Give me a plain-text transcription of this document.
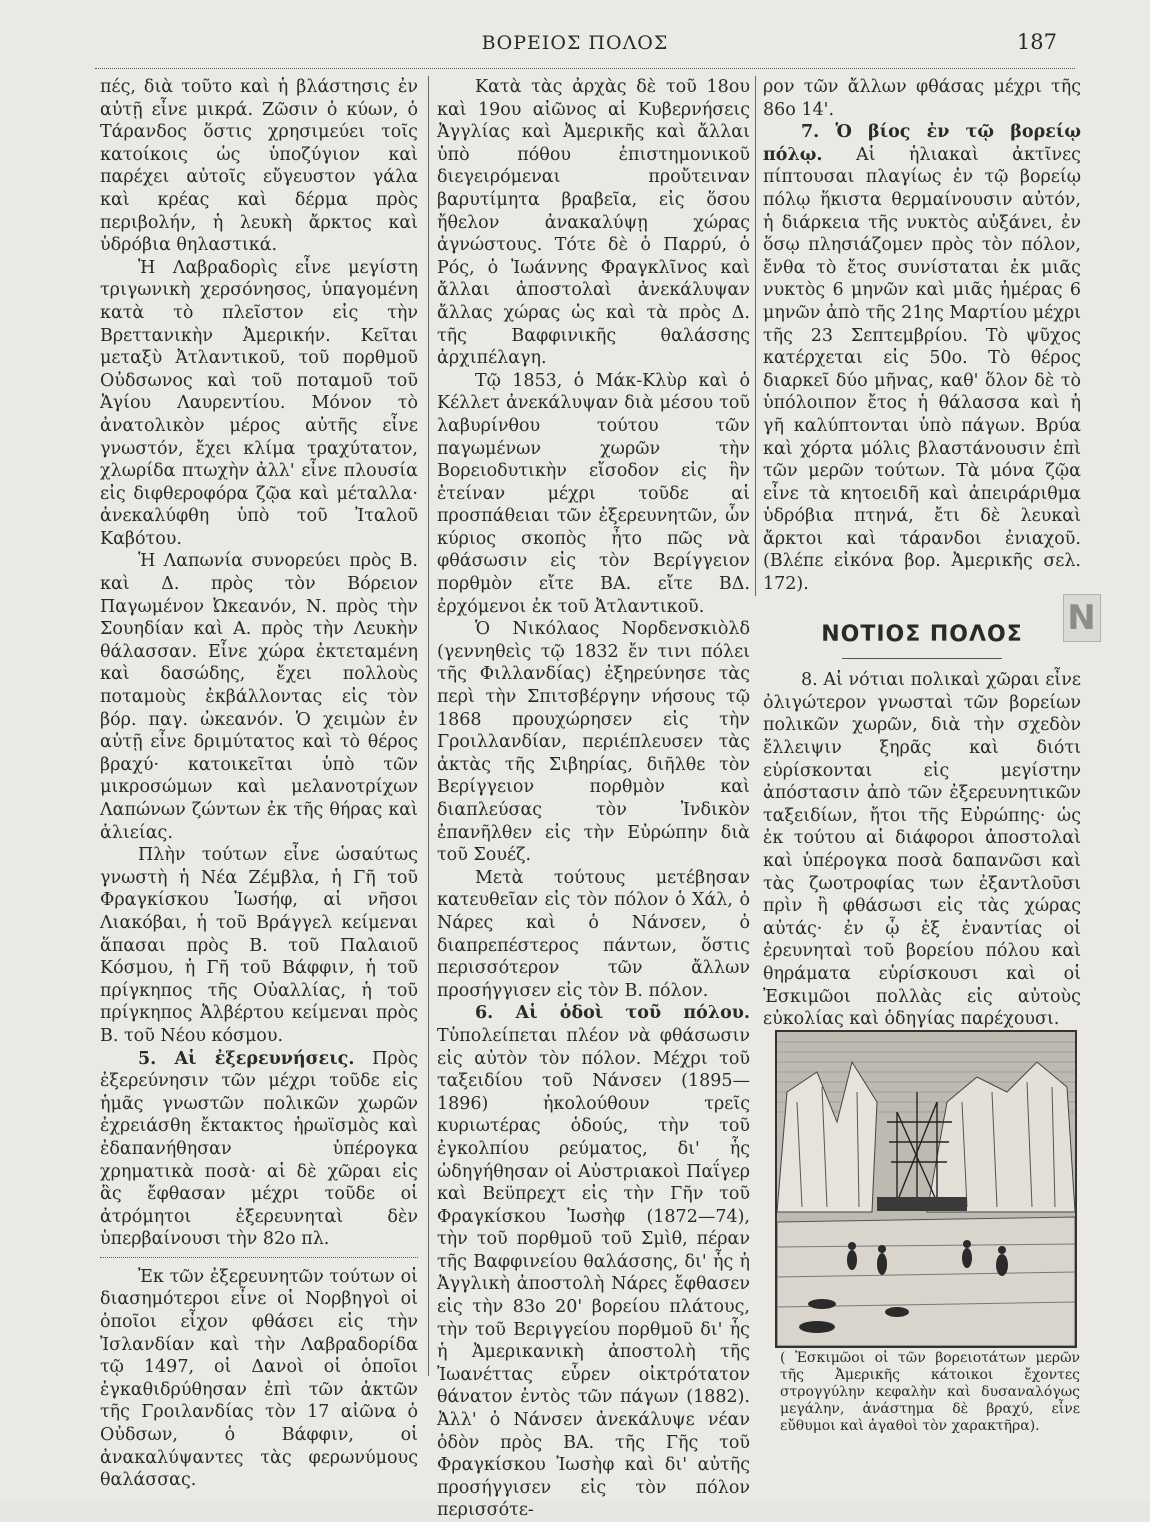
ΒΟΡΕΙΟΣ ΠΟΛΟΣ	187

πές, διὰ τοῦτο καὶ ἡ βλάστησις ἐν αὐτῇ εἶνε μικρά. Ζῶσιν ὁ κύων, ὁ Τάρανδος ὅστις χρησιμεύει τοῖς κατοίκοις ὡς ὑποζύγιον καὶ παρέχει αὐτοῖς εὔγευστον γάλα καὶ κρέας καὶ δέρμα πρὸς περιβολήν, ἡ λευκὴ ἄρκτος καὶ ὑδρόβια θηλαστικά.

Ἡ Λαβραδορὶς εἶνε μεγίστη τριγωνικὴ χερσόνησος, ὑπαγομένη κατὰ τὸ πλεῖστον εἰς τὴν Βρεττανικὴν Ἀμερικήν. Κεῖται μεταξὺ Ἀτλαντικοῦ, τοῦ πορθμοῦ Οὐδσωνος καὶ τοῦ ποταμοῦ τοῦ Ἁγίου Λαυρεντίου. Μόνον τὸ ἀνατολικὸν μέρος αὐτῆς εἶνε γνωστόν, ἔχει κλίμα τραχύτατον, χλωρίδα πτωχὴν ἀλλ' εἶνε πλουσία εἰς διφθεροφόρα ζῷα καὶ μέταλλα· ἀνεκαλύφθη ὑπὸ τοῦ Ἰταλοῦ Καβότου.

Ἡ Λαπωνία συνορεύει πρὸς Β. καὶ Δ. πρὸς τὸν Βόρειον Παγωμένον Ὠκεανόν, Ν. πρὸς τὴν Σουηδίαν καὶ Α. πρὸς τὴν Λευκὴν θάλασσαν. Εἶνε χώρα ἐκτεταμένη καὶ δασώδης, ἔχει πολλοὺς ποταμοὺς ἐκβάλλοντας εἰς τὸν βόρ. παγ. ὠκεανόν. Ὁ χειμὼν ἐν αὐτῇ εἶνε δριμύτατος καὶ τὸ θέρος βραχύ· κατοικεῖται ὑπὸ τῶν μικροσώμων καὶ μελανοτρίχων Λαπώνων ζώντων ἐκ τῆς θήρας καὶ ἁλιείας.

Πλὴν τούτων εἶνε ὡσαύτως γνωστὴ ἡ Νέα Ζέμβλα, ἡ Γῆ τοῦ Φραγκίσκου Ἰωσήφ, αἱ νῆσοι Λιακόβαι, ἡ τοῦ Βράγγελ κείμεναι ἅπασαι πρὸς Β. τοῦ Παλαιοῦ Κόσμου, ἡ Γῆ τοῦ Βάφφιν, ἡ τοῦ πρίγκηπος τῆς Οὐαλλίας, ἡ τοῦ πρίγκηπος Ἀλβέρτου κείμεναι πρὸς Β. τοῦ Νέου κόσμου.

5. Αἱ ἐξερευνήσεις. Πρὸς ἐξερεύνησιν τῶν μέχρι τοῦδε εἰς ἡμᾶς γνωστῶν πολικῶν χωρῶν ἐχρειάσθη ἔκτακτος ἡρωϊσμὸς καὶ ἐδαπανήθησαν ὑπέρογκα χρηματικὰ ποσὰ· αἱ δὲ χῶραι εἰς ἃς ἔφθασαν μέχρι τοῦδε οἱ ἀτρόμητοι ἐξερευνηταὶ δὲν ὑπερβαίνουσι τὴν 82ο πλ.

Ἐκ τῶν ἐξερευνητῶν τούτων οἱ διασημότεροι εἶνε οἱ Νορβηγοὶ οἱ ὁποῖοι εἶχον φθάσει εἰς τὴν Ἰσλανδίαν καὶ τὴν Λαβραδορίδα τῷ 1497, οἱ Δανοὶ οἱ ὁποῖοι ἐγκαθιδρύθησαν ἐπὶ τῶν ἀκτῶν τῆς Γροιλανδίας τὸν 17 αἰῶνα ὁ Οὐδσων, ὁ Βάφφιν, οἱ ἀνακαλύψαντες τὰς φερωνύμους θαλάσσας.

Κατὰ τὰς ἀρχὰς δὲ τοῦ 18ου καὶ 19ου αἰῶνος αἱ Κυβερνήσεις Ἀγγλίας καὶ Ἀμερικῆς καὶ ἄλλαι ὑπὸ πόθου ἐπιστημονικοῦ διεγειρόμεναι προὔτειναν βαρυτίμητα βραβεῖα, εἰς ὅσου ἤθελον ἀνακαλύψῃ χώρας ἀγνώστους. Τότε δὲ ὁ Παρρύ, ὁ Ρός, ὁ Ἰωάννης Φραγκλῖνος καὶ ἄλλαι ἀποστολαὶ ἀνεκάλυψαν ἄλλας χώρας ὡς καὶ τὰ πρὸς Δ. τῆς Βαφφινικῆς θαλάσσης ἀρχιπέλαγη.

Τῷ 1853, ὁ Μάκ-Κλὺρ καὶ ὁ Κέλλετ ἀνεκάλυψαν διὰ μέσου τοῦ λαβυρίνθου τούτου τῶν παγωμένων χωρῶν τὴν Βορειοδυτικὴν εἴσοδον εἰς ἣν ἐτείναν μέχρι τοῦδε αἱ προσπάθειαι τῶν ἐξερευνητῶν, ὧν κύριος σκοπὸς ἦτο πῶς νὰ φθάσωσιν εἰς τὸν Βερίγγειον πορθμὸν εἴτε ΒΑ. εἴτε ΒΔ. ἐρχόμενοι ἐκ τοῦ Ἀτλαντικοῦ.

Ὁ Νικόλαος Νορδενσκιὸλδ (γεννηθεὶς τῷ 1832 ἔν τινι πόλει τῆς Φιλλανδίας) ἐξηρεύνησε τὰς περὶ τὴν Σπιτσβέργην νήσους τῷ 1868 προυχώρησεν εἰς τὴν Γροιλλανδίαν, περιέπλευσεν τὰς ἀκτὰς τῆς Σιβηρίας, διῆλθε τὸν Βερίγγειον πορθμὸν καὶ διαπλεύσας τὸν Ἰνδικὸν ἐπανῆλθεν εἰς τὴν Εὐρώπην διὰ τοῦ Σουέζ.

Μετὰ τούτους μετέβησαν κατευθεῖαν εἰς τὸν πόλον ὁ Χάλ, ὁ Νάρες καὶ ὁ Νάνσεν, ὁ διαπρεπέστερος πάντων, ὅστις περισσότερον τῶν ἄλλων προσήγγισεν εἰς τὸν Β. πόλον.

6. Αἱ ὁδοὶ τοῦ πόλου. Τὑπολείπεται πλέον νὰ φθάσωσιν εἰς αὐτὸν τὸν πόλον. Μέχρι τοῦ ταξειδίου τοῦ Νάνσεν (1895—1896) ἠκολούθουν τρεῖς κυριωτέρας ὁδούς, τὴν τοῦ ἐγκολπίου ρεύματος, δι' ἧς ὡδηγήθησαν οἱ Αὐστριακοὶ Παΐγερ καὶ Βεϋπρεχτ εἰς τὴν Γῆν τοῦ Φραγκίσκου Ἰωσὴφ (1872—74), τὴν τοῦ πορθμοῦ τοῦ Σμὶθ, πέραν τῆς Βαφφινείου θαλάσσης, δι' ἧς ἡ Ἀγγλικὴ ἀποστολὴ Νάρες ἔφθασεν εἰς τὴν 83ο 20' βορείου πλάτους, τὴν τοῦ Βεριγγείου πορθμοῦ δι' ἧς ἡ Ἀμερικανικὴ ἀποστολὴ τῆς Ἰωανέττας εὗρεν οἰκτρότατον θάνατον ἐντὸς τῶν πάγων (1882). Ἀλλ' ὁ Νάνσεν ἀνεκάλυψε νέαν ὁδὸν πρὸς ΒΑ. τῆς Γῆς τοῦ Φραγκίσκου Ἰωσὴφ καὶ δι' αὐτῆς προσήγγισεν εἰς τὸν πόλον περισσότε-

ρον τῶν ἄλλων φθάσας μέχρι τῆς 86ο 14'.

7. Ὁ βίος ἐν τῷ βορείῳ πόλῳ. Αἱ ἡλιακαὶ ἀκτῖνες πίπτουσαι πλαγίως ἐν τῷ βορείῳ πόλῳ ἥκιστα θερμαίνουσιν αὐτόν, ἡ διάρκεια τῆς νυκτὸς αὐξάνει, ἐν ὅσῳ πλησιάζομεν πρὸς τὸν πόλον, ἔνθα τὸ ἔτος συνίσταται ἐκ μιᾶς νυκτὸς 6 μηνῶν καὶ μιᾶς ἡμέρας 6 μηνῶν ἀπὸ τῆς 21ης Μαρτίου μέχρι τῆς 23 Σεπτεμβρίου. Τὸ ψῦχος κατέρχεται εἰς 50ο. Τὸ θέρος διαρκεῖ δύο μῆνας, καθ' ὅλον δὲ τὸ ὑπόλοιπον ἔτος ἡ θάλασσα καὶ ἡ γῆ καλύπτονται ὑπὸ πάγων. Βρύα καὶ χόρτα μόλις βλαστάνουσιν ἐπὶ τῶν μερῶν τούτων. Τὰ μόνα ζῷα εἶνε τὰ κητοειδῆ καὶ ἀπειράριθμα ὑδρόβια πτηνά, ἔτι δὲ λευκαὶ ἄρκτοι καὶ τάρανδοι ἐνιαχοῦ. (Βλέπε εἰκόνα βορ. Ἀμερικῆς σελ. 172).

ΝΟΤΙΟΣ ΠΟΛΟΣ N

8. Αἱ νότιαι πολικαὶ χῶραι εἶνε ὀλιγώτερον γνωσταὶ τῶν βορείων πολικῶν χωρῶν, διὰ τὴν σχεδὸν ἔλλειψιν ξηρᾶς καὶ διότι εὑρίσκονται εἰς μεγίστην ἀπόστασιν ἀπὸ τῶν ἐξερευνητικῶν ταξειδίων, ἤτοι τῆς Εὐρώπης· ὡς ἐκ τούτου αἱ διάφοροι ἀποστολαὶ καὶ ὑπέρογκα ποσὰ δαπανῶσι καὶ τὰς ζωοτροφίας των ἐξαντλοῦσι πρὶν ἢ φθάσωσι εἰς τὰς χώρας αὐτάς· ἐν ᾧ ἐξ ἐναντίας οἱ ἐρευνηταὶ τοῦ βορείου πόλου καὶ θηράματα εὑρίσκουσι καὶ οἱ Ἐσκιμῶοι πολλὰς εἰς αὐτοὺς εὐκολίας καὶ ὁδηγίας παρέχουσι.

( Ἐσκιμῶοι οἱ τῶν βορειοτάτων μερῶν τῆς Ἀμερικῆς κάτοικοι ἔχοντες στρογγύλην κεφαλὴν καὶ δυσαναλόγως μεγάλην, ἀνάστημα δὲ βραχύ, εἶνε εὔθυμοι καὶ ἀγαθοὶ τὸν χαρακτῆρα).
